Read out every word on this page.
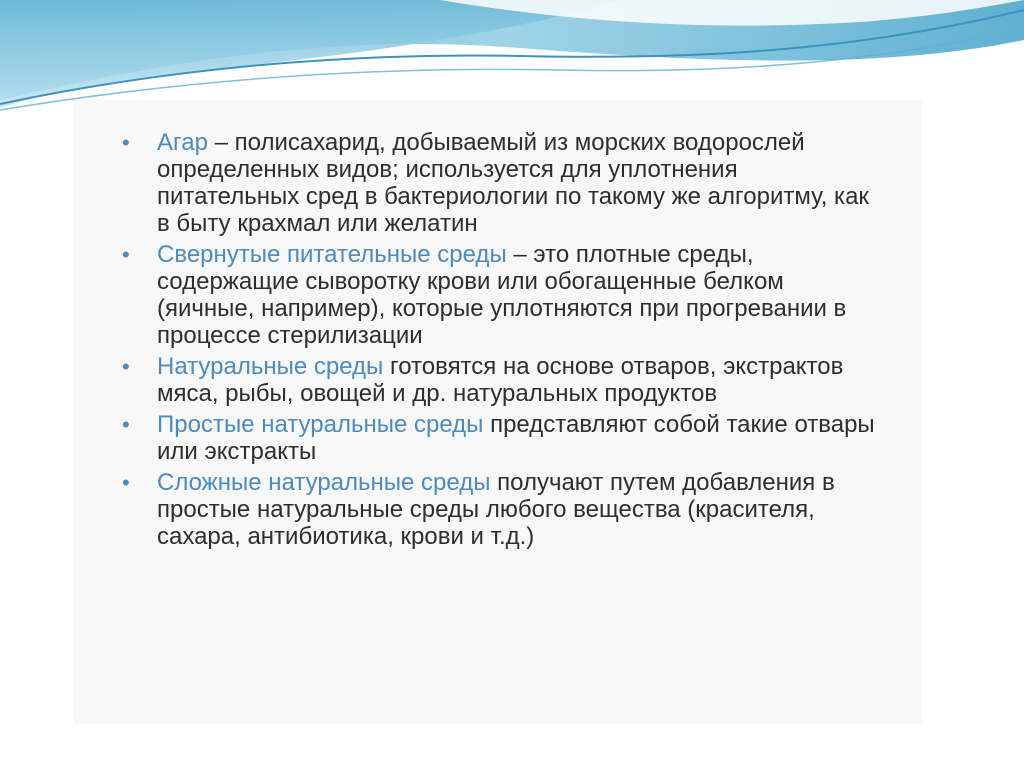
• Агар – полисахарид, добываемый из морских водорослей определенных видов; используется для уплотнения питательных сред в бактериологии по такому же алгоритму, как в быту крахмал или желатин
• Свернутые питательные среды – это плотные среды, содержащие сыворотку крови или обогащенные белком (яичные, например), которые уплотняются при прогревании в процессе стерилизации
• Натуральные среды готовятся на основе отваров, экстрактов мяса, рыбы, овощей и др. натуральных продуктов
• Простые натуральные среды представляют собой такие отвары или экстракты
• Сложные натуральные среды получают путем добавления в простые натуральные среды любого вещества (красителя, сахара, антибиотика, крови и т.д.)
